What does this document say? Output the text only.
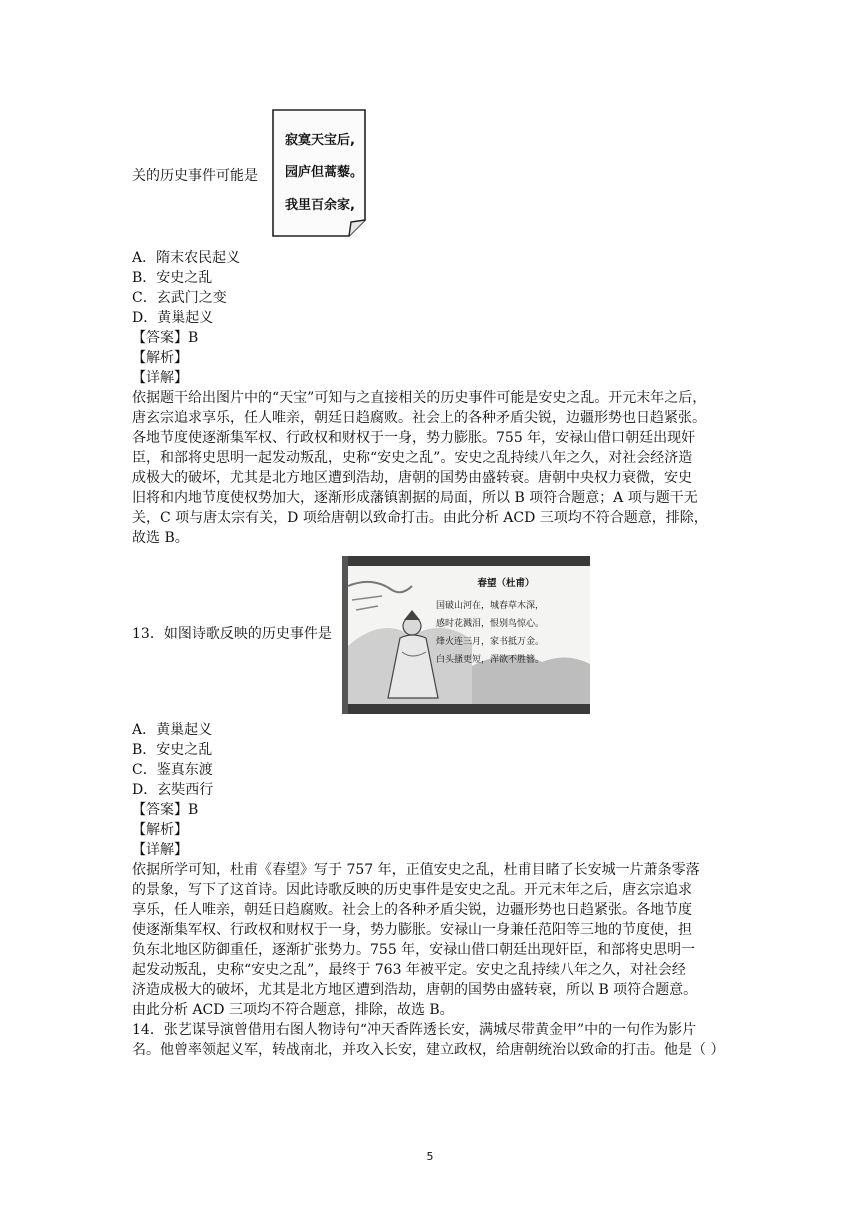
关的历史事件可能是
寂寞天宝后,
园庐但蒿藜。
我里百余家,
A．隋末农民起义
B．安史之乱
C．玄武门之变
D．黄巢起义
【答案】B
【解析】
【详解】
依据题干给出图片中的“天宝”可知与之直接相关的历史事件可能是安史之乱。开元末年之后，
唐玄宗追求享乐，任人唯亲，朝廷日趋腐败。社会上的各种矛盾尖锐，边疆形势也日趋紧张。
各地节度使逐渐集军权、行政权和财权于一身，势力膨胀。755 年，安禄山借口朝廷出现奸
臣，和部将史思明一起发动叛乱，史称“安史之乱”。安史之乱持续八年之久，对社会经济造
成极大的破坏，尤其是北方地区遭到浩劫，唐朝的国势由盛转衰。唐朝中央权力衰微，安史
旧将和内地节度使权势加大，逐渐形成藩镇割据的局面，所以 B 项符合题意；A 项与题干无
关，C 项与唐太宗有关，D 项给唐朝以致命打击。由此分析 ACD 三项均不符合题意，排除，
故选 B。
13．如图诗歌反映的历史事件是
春望（杜甫）
国破山河在，城春草木深，
感时花溅泪，恨别鸟惊心。
烽火连三月，家书抵万金。
白头搔更短，浑欲不胜簪。
A．黄巢起义
B．安史之乱
C．鉴真东渡
D．玄奘西行
【答案】B
【解析】
【详解】
依据所学可知，杜甫《春望》写于 757 年，正值安史之乱，杜甫目睹了长安城一片萧条零落
的景象，写下了这首诗。因此诗歌反映的历史事件是安史之乱。开元末年之后，唐玄宗追求
享乐，任人唯亲，朝廷日趋腐败。社会上的各种矛盾尖锐，边疆形势也日趋紧张。各地节度
使逐渐集军权、行政权和财权于一身，势力膨胀。安禄山一身兼任范阳等三地的节度使，担
负东北地区防御重任，逐渐扩张势力。755 年，安禄山借口朝廷出现奸臣，和部将史思明一
起发动叛乱，史称“安史之乱”，最终于 763 年被平定。安史之乱持续八年之久，对社会经
济造成极大的破坏，尤其是北方地区遭到浩劫，唐朝的国势由盛转衰，所以 B 项符合题意。
由此分析 ACD 三项均不符合题意，排除，故选 B。
14．张艺谋导演曾借用右图人物诗句“冲天香阵透长安，满城尽带黄金甲”中的一句作为影片
名。他曾率领起义军，转战南北，并攻入长安，建立政权，给唐朝统治以致命的打击。他是（ ）
5
